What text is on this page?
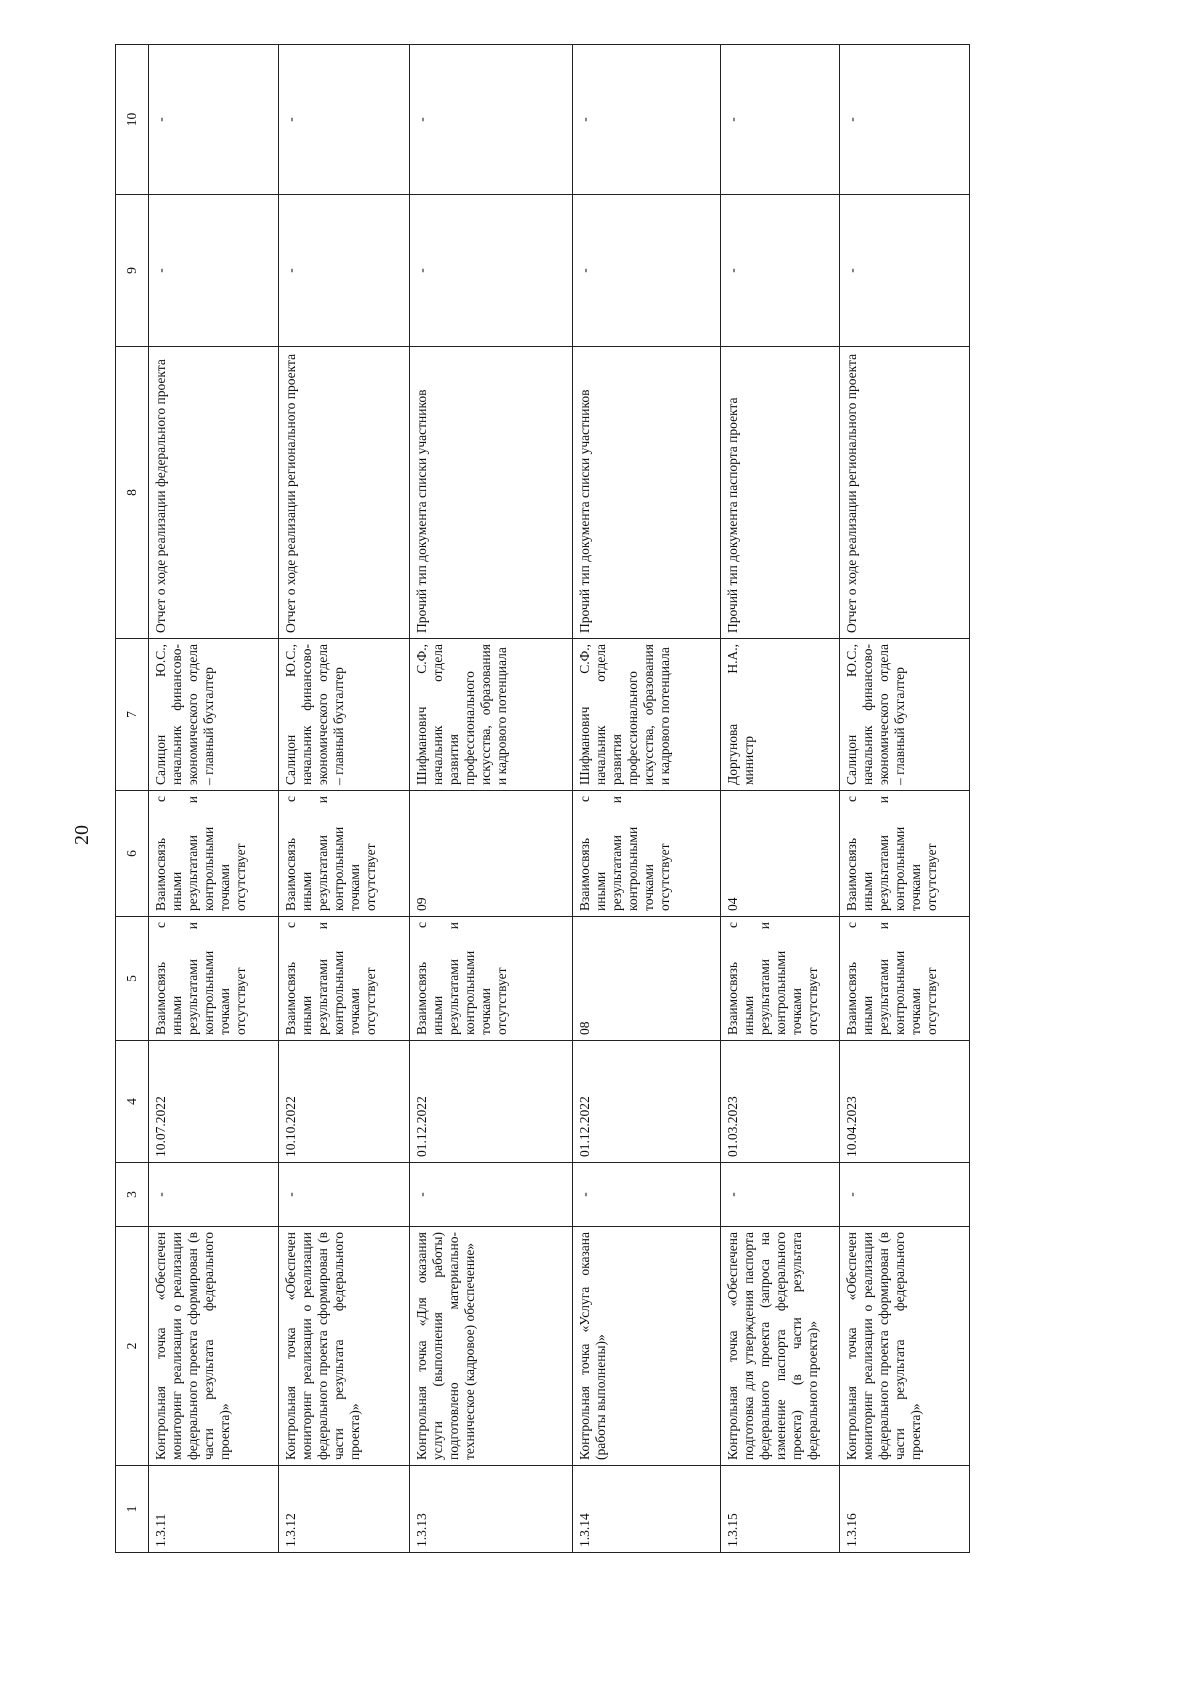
20
1	2	3	4	5	6	7	8	9	10
1.3.11	Контрольная точка «Обеспечен мониторинг реализации о реализации федерального проекта сформирован (в части результата федерального проекта)»	-	10.07.2022	Взаимосвязь с иными результатами и контрольными точками отсутствует	Взаимосвязь с иными результатами и контрольными точками отсутствует	Салицон Ю.С., начальник финансово-экономического отдела – главный бухгалтер	Отчет о ходе реализации федерального проекта	-	-
1.3.12	Контрольная точка «Обеспечен мониторинг реализации о реализации федерального проекта сформирован (в части результата федерального проекта)»	-	10.10.2022	Взаимосвязь с иными результатами и контрольными точками отсутствует	Взаимосвязь с иными результатами и контрольными точками отсутствует	Салицон Ю.С., начальник финансово-экономического отдела – главный бухгалтер	Отчет о ходе реализации регионального проекта	-	-
1.3.13	Контрольная точка «Для оказания услуги (выполнения работы) подготовлено материально-техническое (кадровое) обеспечение»	-	01.12.2022	Взаимосвязь с иными результатами и контрольными точками отсутствует	09	Шифманович С.Ф., начальник отдела развития профессионального искусства, образования и кадрового потенциала	Прочий тип документа списки участников	-	-
1.3.14	Контрольная точка «Услуга оказана (работы выполнены)»	-	01.12.2022	08	Взаимосвязь с иными результатами и контрольными точками отсутствует	Шифманович С.Ф., начальник отдела развития профессионального искусства, образования и кадрового потенциала	Прочий тип документа списки участников	-	-
1.3.15	Контрольная точка «Обеспечена подготовка для утверждения паспорта федерального проекта (запроса на изменение паспорта федерального проекта) (в части результата федерального проекта)»	-	01.03.2023	Взаимосвязь с иными результатами и контрольными точками отсутствует	04	Доргунова Н.А., министр	Прочий тип документа паспорта проекта	-	-
1.3.16	Контрольная точка «Обеспечен мониторинг реализации о реализации федерального проекта сформирован (в части результата федерального проекта)»	-	10.04.2023	Взаимосвязь с иными результатами и контрольными точками отсутствует	Взаимосвязь с иными результатами и контрольными точками отсутствует	Салицон Ю.С., начальник финансово-экономического отдела – главный бухгалтер	Отчет о ходе реализации регионального проекта	-	-
